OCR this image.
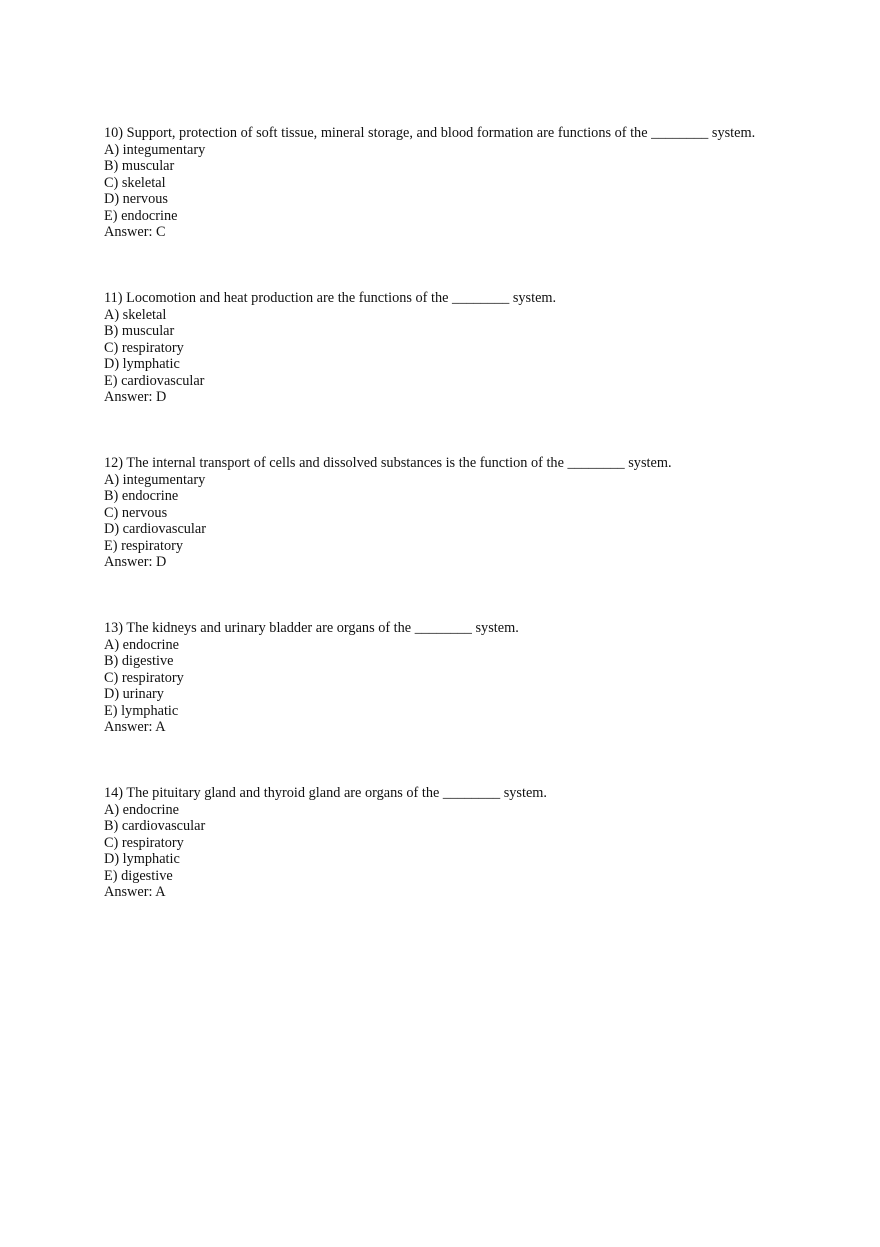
10) Support, protection of soft tissue, mineral storage, and blood formation are functions of the ________ system.
A) integumentary
B) muscular
C) skeletal
D) nervous
E) endocrine
Answer: C
11) Locomotion and heat production are the functions of the ________ system.
A) skeletal
B) muscular
C) respiratory
D) lymphatic
E) cardiovascular
Answer: D
12) The internal transport of cells and dissolved substances is the function of the ________ system.
A) integumentary
B) endocrine
C) nervous
D) cardiovascular
E) respiratory
Answer: D
13) The kidneys and urinary bladder are organs of the ________ system.
A) endocrine
B) digestive
C) respiratory
D) urinary
E) lymphatic
Answer: A
14) The pituitary gland and thyroid gland are organs of the ________ system.
A) endocrine
B) cardiovascular
C) respiratory
D) lymphatic
E) digestive
Answer: A
